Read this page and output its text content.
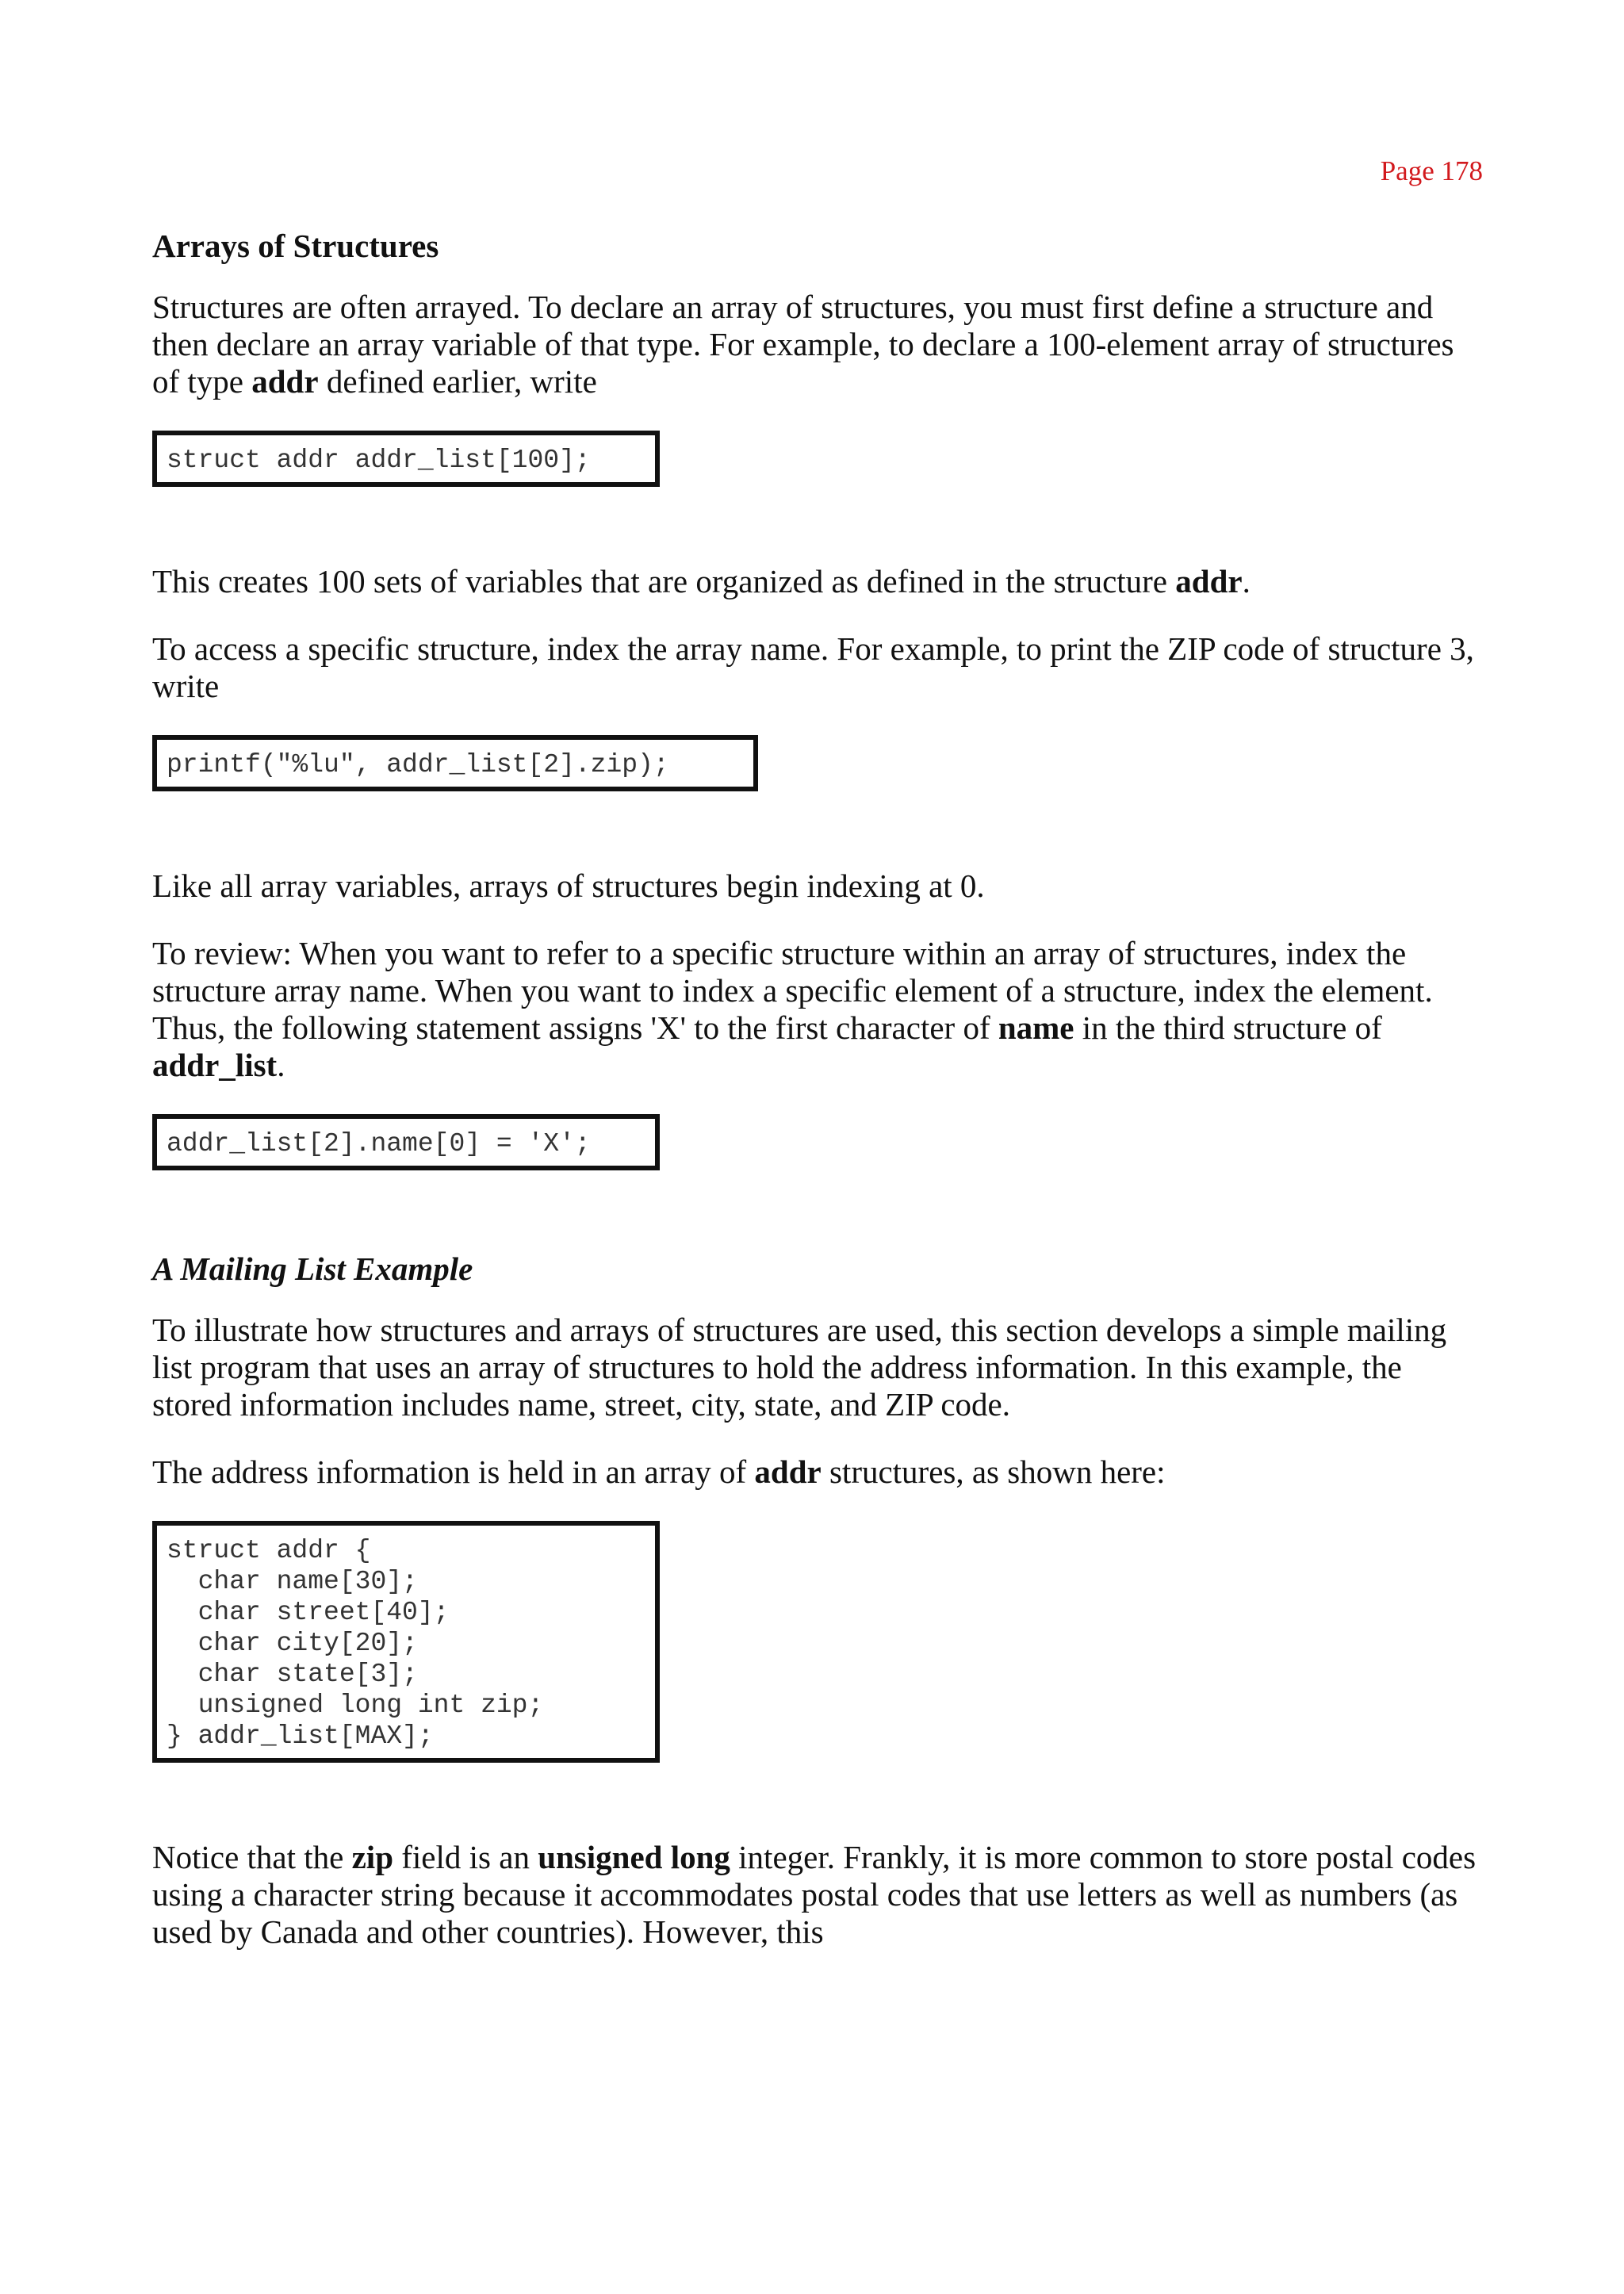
Page 178
Arrays of Structures

Structures are often arrayed. To declare an array of structures, you must first define a structure and then declare an array variable of that type. For example, to declare a 100-element array of structures of type addr defined earlier, write

struct addr addr_list[100];

This creates 100 sets of variables that are organized as defined in the structure addr.

To access a specific structure, index the array name. For example, to print the ZIP code of structure 3, write

printf("%lu", addr_list[2].zip);

Like all array variables, arrays of structures begin indexing at 0.

To review: When you want to refer to a specific structure within an array of structures, index the structure array name. When you want to index a specific element of a structure, index the element. Thus, the following statement assigns 'X' to the first character of name in the third structure of addr_list.

addr_list[2].name[0] = 'X';
A Mailing List Example

To illustrate how structures and arrays of structures are used, this section develops a simple mailing list program that uses an array of structures to hold the address information. In this example, the stored information includes name, street, city, state, and ZIP code.

The address information is held in an array of addr structures, as shown here:

struct addr {
char name[30];
char street[40];
char city[20];
char state[3];
unsigned long int zip;
} addr_list[MAX];

Notice that the zip field is an unsigned long integer. Frankly, it is more common to store postal codes using a character string because it accommodates postal codes that use letters as well as numbers (as used by Canada and other countries). However, this
